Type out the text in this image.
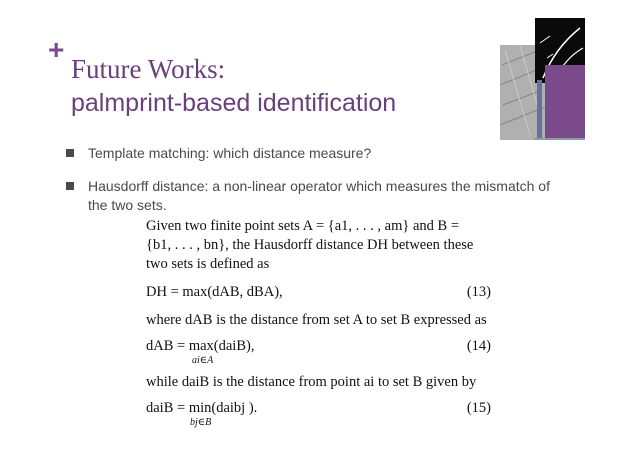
+
Future Works:
palmprint-based identification
Template matching: which distance measure?
Hausdorff distance: a non-linear operator which measures the mismatch of the two sets.
Given two finite point sets A = {a1, . . . , am} and B =
{b1, . . . , bn}, the Hausdorff distance DH between these
two sets is defined as
DH = max(dAB, dBA),	(13)
where dAB is the distance from set A to set B expressed as
dAB = max(daiB),	(14)
ai∈A
while daiB is the distance from point ai to set B given by
daiB = min(daibj ).	(15)
bj∈B
